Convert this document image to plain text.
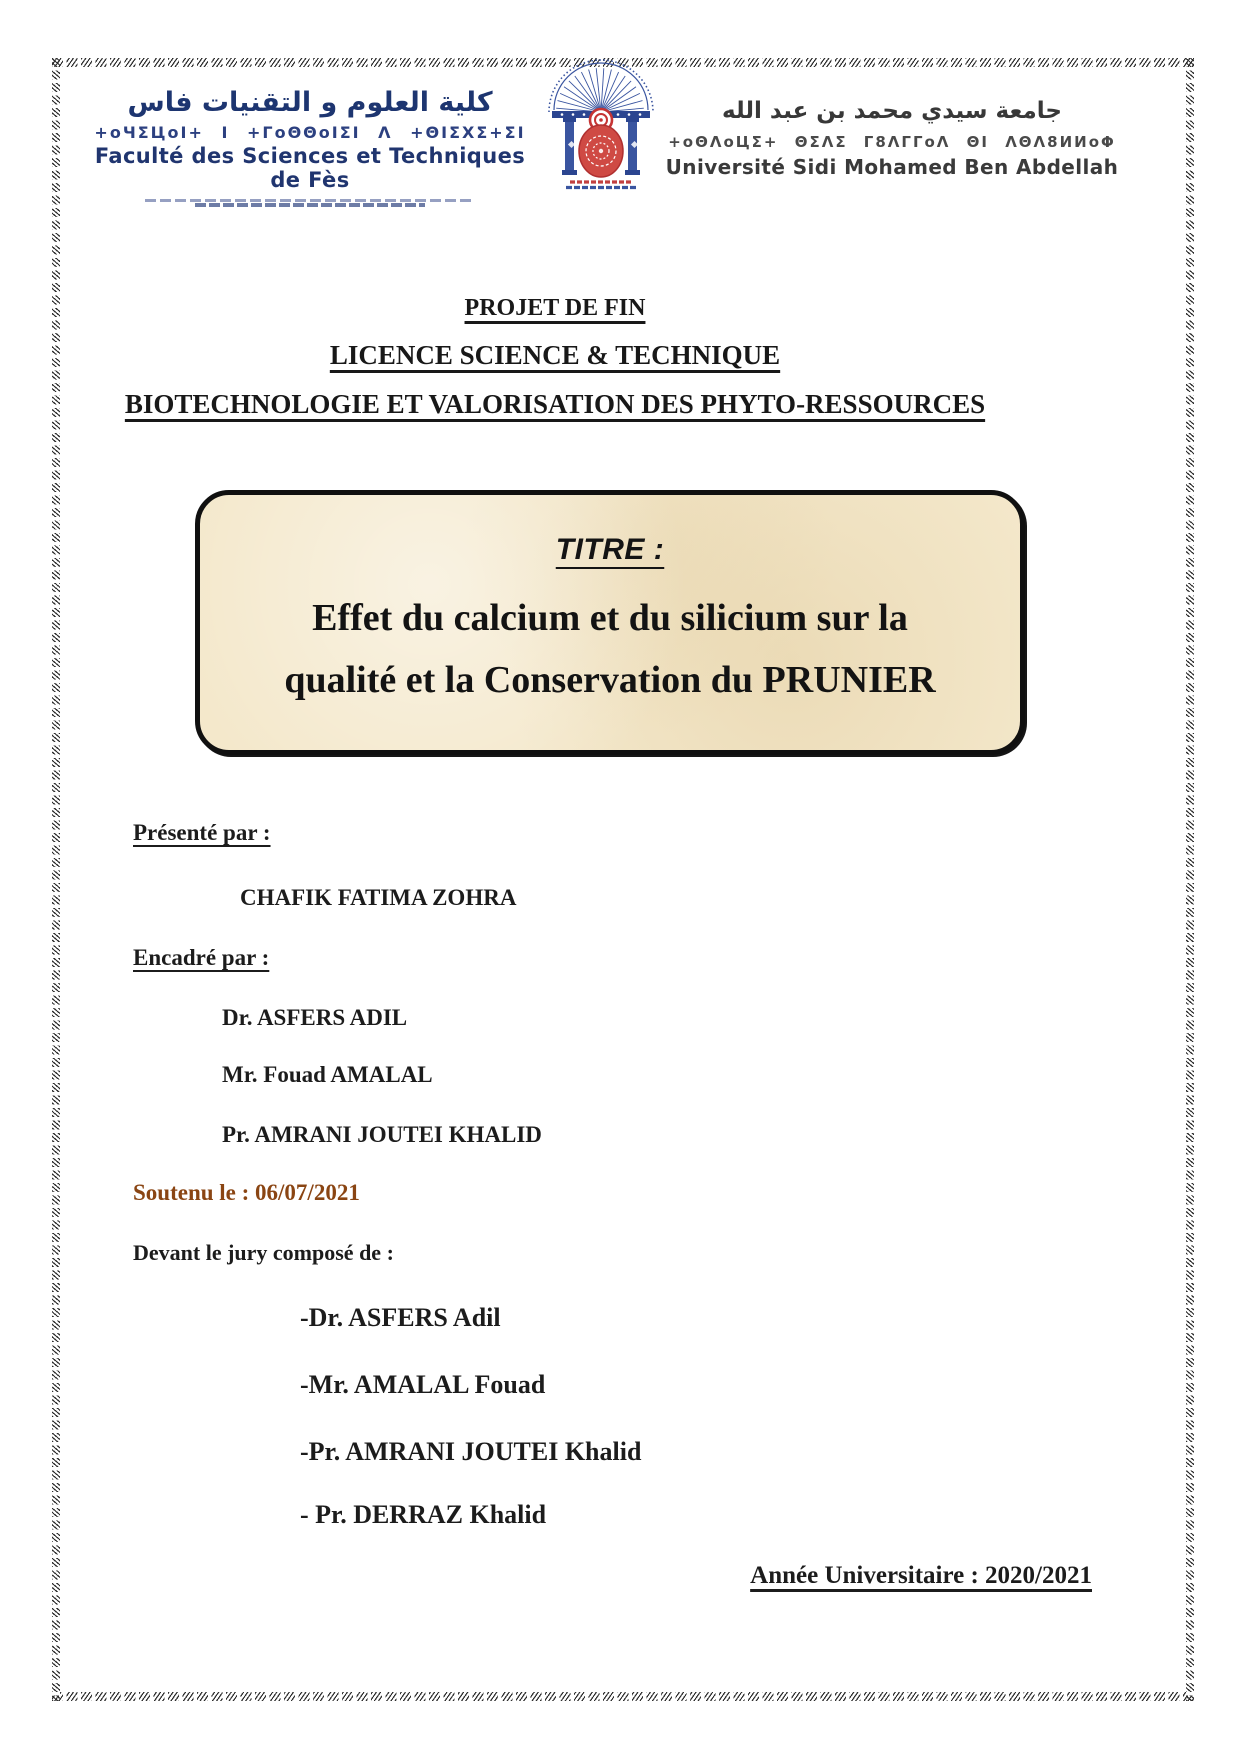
كلية العلوم و التقنيات فاس
+oЧΣЦoI+ I +ΓoΘΘoIΣI Λ +ΘIΣΧΣ+ΣI
Faculté des Sciences et Techniques de Fès
جامعة سيدي محمد بن عبد الله
+oΘΛoЦΣ+ ΘΣΛΣ Γ8ΛΓΓoΛ ΘI ΛΘΛ8ИИoΦ
Université Sidi Mohamed Ben Abdellah
PROJET DE FIN
LICENCE SCIENCE & TECHNIQUE
BIOTECHNOLOGIE ET VALORISATION DES PHYTO-RESSOURCES
TITRE :
Effet du calcium et du silicium sur la
qualité et la Conservation du PRUNIER
Présenté par :
CHAFIK FATIMA ZOHRA
Encadré par :
Dr. ASFERS ADIL
Mr. Fouad AMALAL
Pr. AMRANI JOUTEI KHALID
Soutenu le : 06/07/2021
Devant le jury composé de :
-Dr. ASFERS Adil
-Mr. AMALAL Fouad
-Pr. AMRANI JOUTEI Khalid
- Pr. DERRAZ Khalid
Année Universitaire : 2020/2021
